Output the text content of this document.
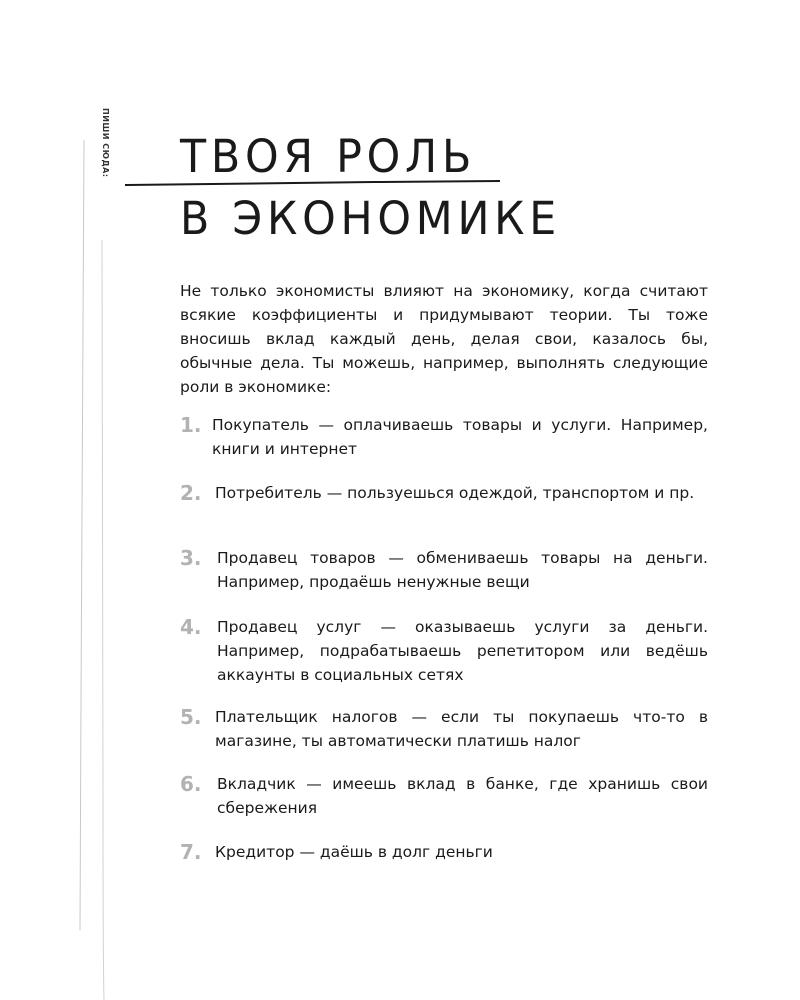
ПИШИ СЮДА: ТВОЯ РОЛЬ
В ЭКОНОМИКЕ

Не только экономисты влияют на экономику, когда считают всякие коэффициенты и придумывают теории. Ты тоже вносишь вклад каждый день, делая свои, казалось бы, обычные дела. Ты можешь, например, выполнять следующие роли в экономике:

1. Покупатель — оплачиваешь товары и услуги. Например, книги и интернет

2. Потребитель — пользуешься одеждой, транспортом и пр.

3. Продавец товаров — обмениваешь товары на деньги. Например, продаёшь ненужные вещи

4. Продавец услуг — оказываешь услуги за деньги. Например, подрабатываешь репетитором или ведёшь аккаунты в социальных сетях

5. Плательщик налогов — если ты покупаешь что-то в магазине, ты автоматически платишь налог

6. Вкладчик — имеешь вклад в банке, где хранишь свои сбережения

7. Кредитор — даёшь в долг деньги
